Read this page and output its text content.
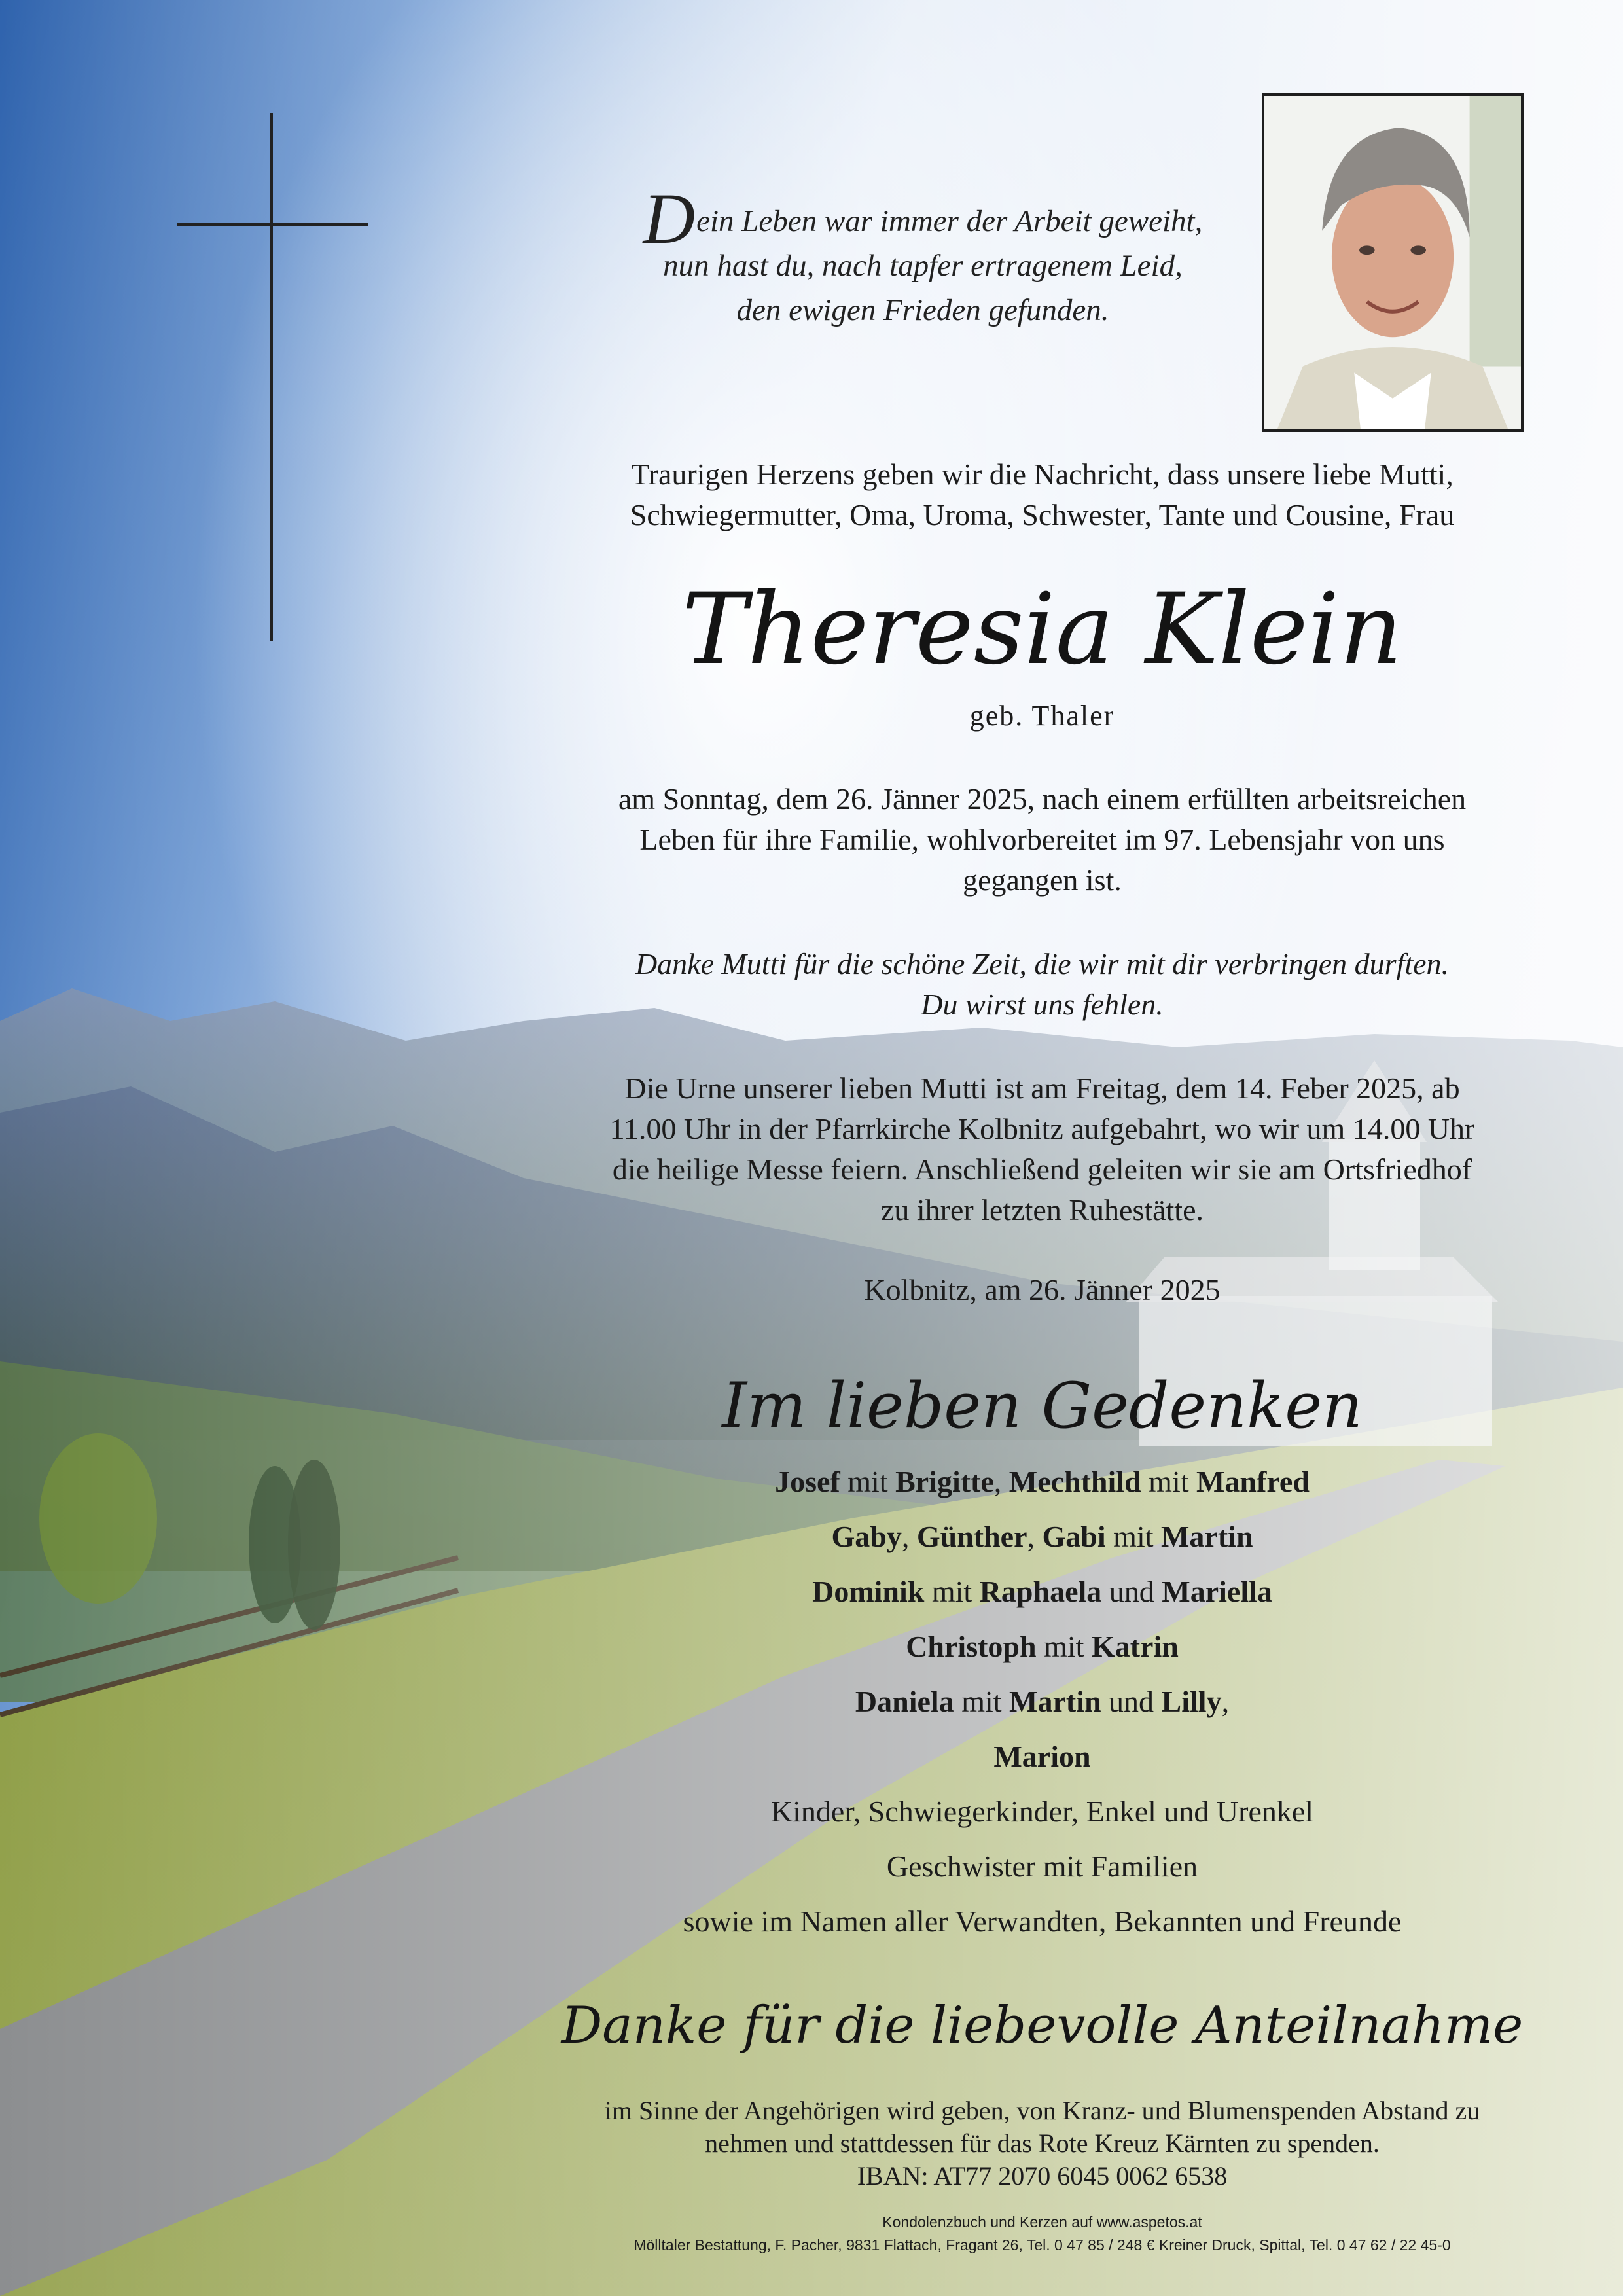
Dein Leben war immer der Arbeit geweiht,
nun hast du, nach tapfer ertragenem Leid,
den ewigen Frieden gefunden.
Traurigen Herzens geben wir die Nachricht, dass unsere liebe Mutti,
Schwiegermutter, Oma, Uroma, Schwester, Tante und Cousine, Frau
Theresia Klein
geb. Thaler
am Sonntag, dem 26. Jänner 2025, nach einem erfüllten arbeitsreichen
Leben für ihre Familie, wohlvorbereitet im 97. Lebensjahr von uns
gegangen ist.
Danke Mutti für die schöne Zeit, die wir mit dir verbringen durften.
Du wirst uns fehlen.
Die Urne unserer lieben Mutti ist am Freitag, dem 14. Feber 2025, ab
11.00 Uhr in der Pfarrkirche Kolbnitz aufgebahrt, wo wir um 14.00 Uhr
die heilige Messe feiern. Anschließend geleiten wir sie am Ortsfriedhof
zu ihrer letzten Ruhestätte.
Kolbnitz, am 26. Jänner 2025
Im lieben Gedenken
Josef mit Brigitte, Mechthild mit Manfred
Gaby, Günther, Gabi mit Martin
Dominik mit Raphaela und Mariella
Christoph mit Katrin
Daniela mit Martin und Lilly,
Marion
Kinder, Schwiegerkinder, Enkel und Urenkel
Geschwister mit Familien
sowie im Namen aller Verwandten, Bekannten und Freunde
Danke für die liebevolle Anteilnahme
im Sinne der Angehörigen wird geben, von Kranz- und Blumenspenden Abstand zu
nehmen und stattdessen für das Rote Kreuz Kärnten zu spenden.
IBAN: AT77 2070 6045 0062 6538
Kondolenzbuch und Kerzen auf www.aspetos.at
Mölltaler Bestattung, F. Pacher, 9831 Flattach, Fragant 26, Tel. 0 47 85 / 248 € Kreiner Druck, Spittal, Tel. 0 47 62 / 22 45-0
